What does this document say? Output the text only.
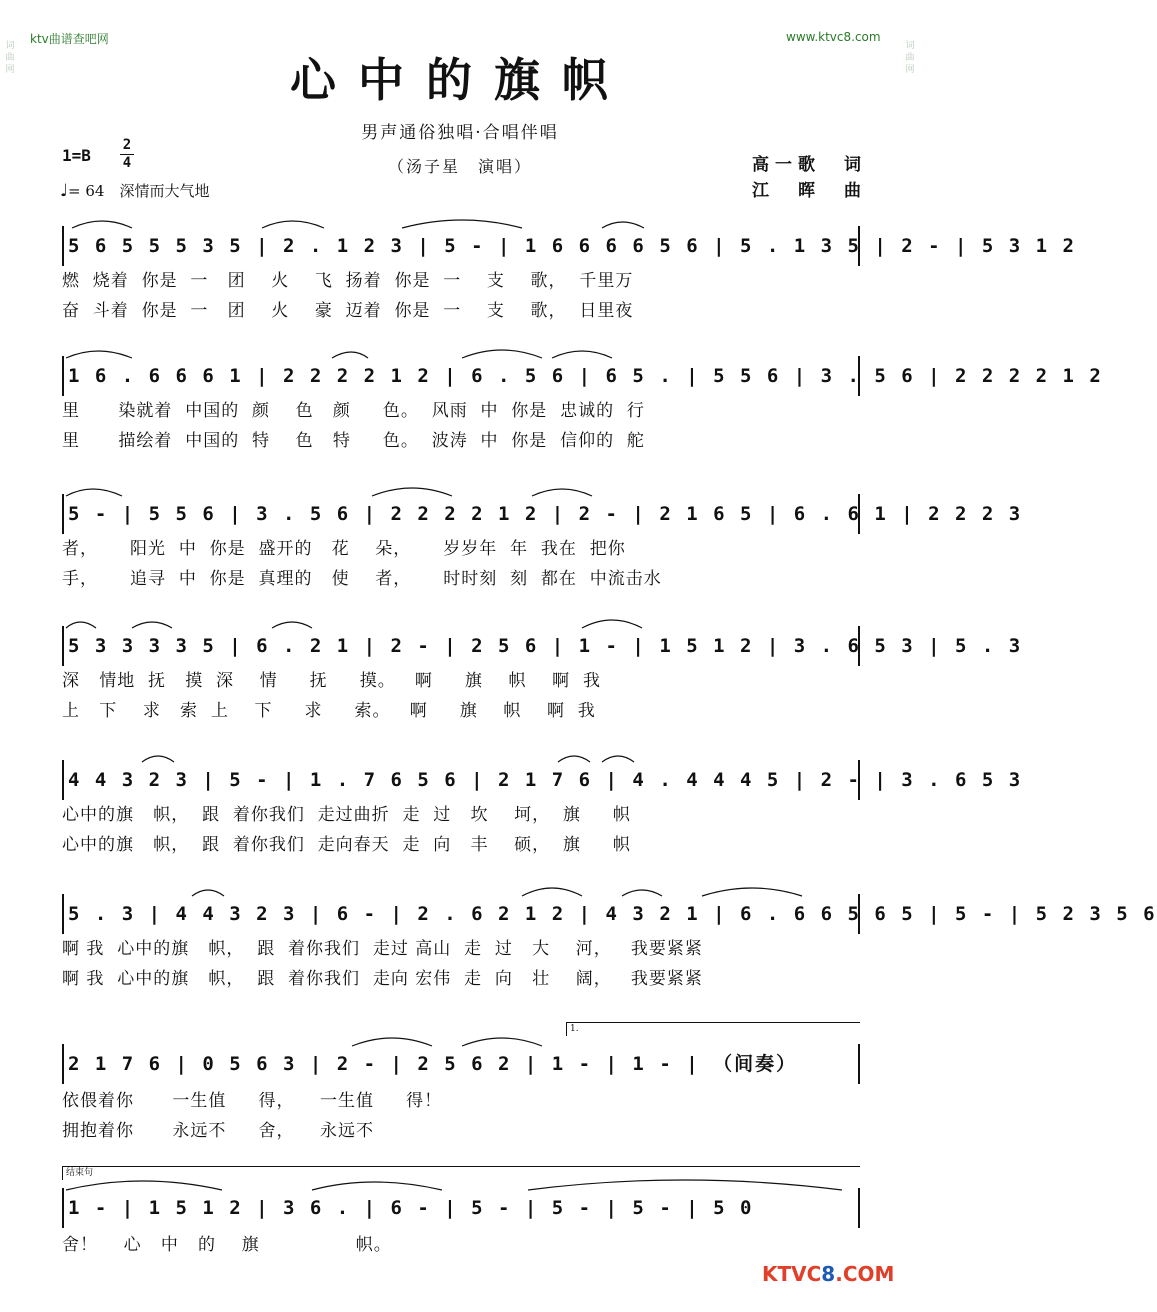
ktv曲谱查吧网	www.ktvc8.com
词曲网
词曲网
心中的旗帜
男声通俗独唱·合唱伴唱
（汤子星　演唱）
1=B
2
4
♩= 64　深情而大气地
高一歌　词
江　晖　曲
5 6 5 5 5 3 5 | 2 . 1 2 3 | 5 - | 1 6 6 6 6 5 6 | 5 . 1 3 5 | 2 - | 5 3 1 2
燃  烧着  你是  一   团    火    飞  扬着  你是  一    支    歌，  千里万
奋  斗着  你是  一   团    火    豪  迈着  你是  一    支    歌，  日里夜
1 6 . 6 6 6 1 | 2 2 2 2 1 2 | 6 . 5 6 | 6 5 . | 5 5 6 | 3 . 5 6 | 2 2 2 2 1 2
里      染就着  中国的  颜    色   颜     色。  风雨  中  你是  忠诚的  行
里      描绘着  中国的  特    色   特     色。  波涛  中  你是  信仰的  舵
5 - | 5 5 6 | 3 . 5 6 | 2 2 2 2 1 2 | 2 - | 2 1 6 5 | 6 . 6 1 | 2 2 2 3
者，     阳光  中  你是  盛开的   花    朵，     岁岁年  年  我在  把你
手，     追寻  中  你是  真理的   使    者，     时时刻  刻  都在  中流击水
5 3 3 3 3 5 | 6 . 2 1 | 2 - | 2 5 6 | 1 - | 1 5 1 2 | 3 . 6 5 3 | 5 . 3
深   情地  抚   摸  深    情     抚     摸。   啊     旗    帜    啊  我
上   下    求   索  上    下     求     索。   啊     旗    帜    啊  我
4 4 3 2 3 | 5 - | 1 . 7 6 5 6 | 2 1 7 6 | 4 . 4 4 4 5 | 2 - | 3 . 6 5 3
心中的旗   帜，  跟  着你我们  走过曲折  走  过   坎    坷，  旗     帜
心中的旗   帜，  跟  着你我们  走向春天  走  向   丰    硕，  旗     帜
5 . 3 | 4 4 3 2 3 | 6 - | 2 . 6 2 1 2 | 4 3 2 1 | 6 . 6 6 5 6 5 | 5 - | 5 2 3 5 6
啊 我  心中的旗   帜，  跟  着你我们  走过 高山  走  过   大    河，   我要紧紧
啊 我  心中的旗   帜，  跟  着你我们  走向 宏伟  走  向   壮    阔，   我要紧紧
1.
2 1 7 6 | 0 5 6 3 | 2 - | 2 5 6 2 | 1 - | 1 - | （间奏）
依偎着你      一生值     得，    一生值     得！
拥抱着你      永远不     舍，    永远不
结束句
1 - | 1 5 1 2 | 3 6 . | 6 - | 5 - | 5 - | 5 - | 5 0
舍！    心   中   的    旗               帜。
KTVC8.COM
